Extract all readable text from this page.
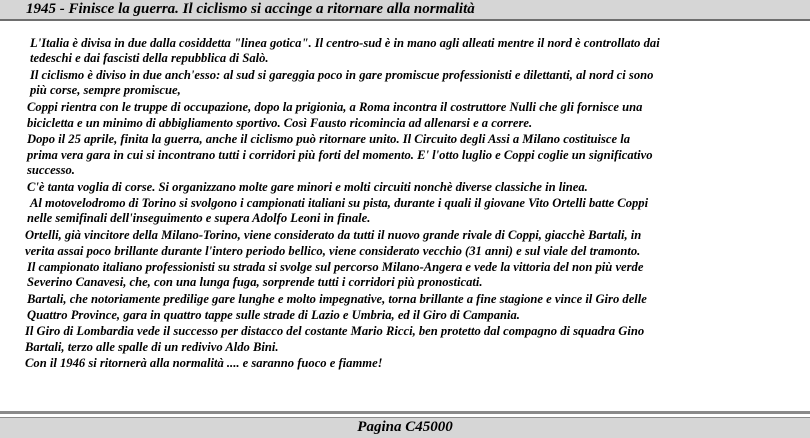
1945 - Finisce la guerra. Il ciclismo si accinge a ritornare alla normalità
L'Italia è divisa in due dalla cosiddetta "linea gotica". Il centro-sud è in mano agli alleati mentre il nord è controllato dai
tedeschi e dai fascisti della repubblica di Salò.
Il ciclismo è diviso in due anch'esso: al sud si gareggia poco in gare promiscue professionisti e dilettanti, al nord ci sono
più corse, sempre promiscue,
Coppi rientra con le truppe di occupazione, dopo la prigionia, a Roma incontra il costruttore Nulli che gli fornisce una
bicicletta e un minimo di abbigliamento sportivo. Così Fausto ricomincia ad allenarsi e a correre.
Dopo il 25 aprile, finita la guerra, anche il ciclismo può ritornare unito. Il Circuito degli Assi a Milano costituisce la
prima vera gara in cui si incontrano tutti i corridori più forti del momento. E' l'otto luglio e Coppi coglie un significativo
successo.
C'è tanta voglia di corse. Si organizzano molte gare minori e molti circuiti nonchè diverse classiche in linea.
Al motovelodromo di Torino si svolgono i campionati italiani su pista, durante i quali il giovane Vito Ortelli batte Coppi
nelle semifinali dell'inseguimento e supera Adolfo Leoni in finale.
Ortelli, già vincitore della Milano-Torino, viene considerato da tutti il nuovo grande rivale di Coppi, giacchè Bartali, in
verita assai poco brillante durante l'intero periodo bellico, viene considerato vecchio (31 anni) e sul viale del tramonto.
Il campionato italiano professionisti su strada si svolge sul percorso Milano-Angera e vede la vittoria del non più verde
Severino Canavesi, che, con una lunga fuga, sorprende tutti i corridori più pronosticati.
Bartali, che notoriamente predilige gare lunghe e molto impegnative, torna brillante a fine stagione e vince il Giro delle
Quattro Province, gara in quattro tappe sulle strade di Lazio e Umbria, ed il Giro di Campania.
Il Giro di Lombardia vede il successo per distacco del costante Mario Ricci, ben protetto dal compagno di squadra Gino
Bartali, terzo alle spalle di un redivivo Aldo Bini.
Con il 1946 si ritornerà alla normalità .... e saranno fuoco e fiamme!
Pagina C45000
